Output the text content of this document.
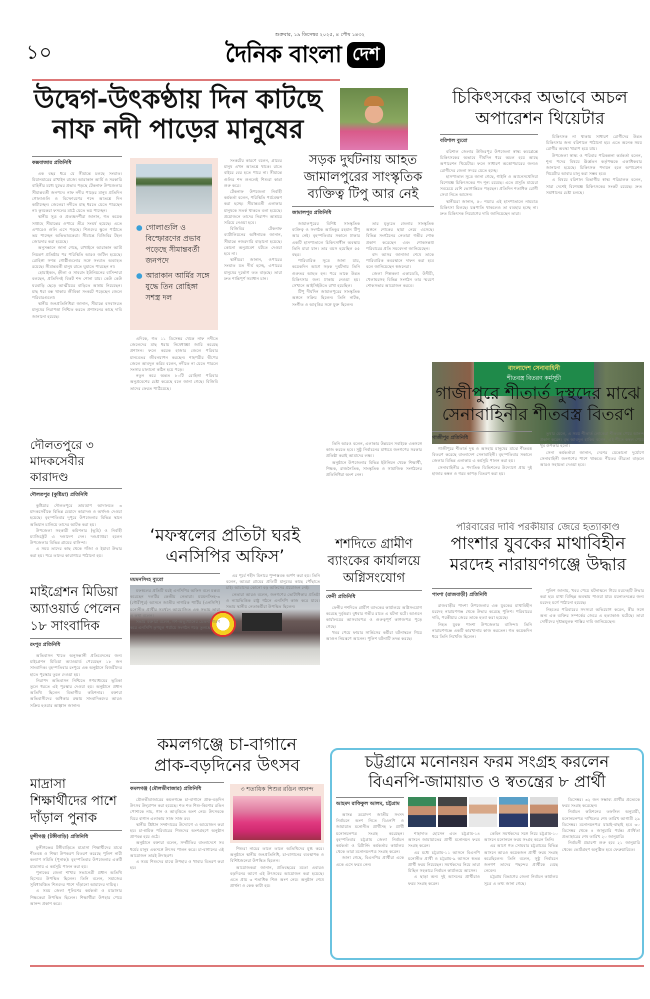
১০
শুক্রবার, ১৯ ডিসেম্বর ২০২৫, ৪ পৌষ ১৪৩২
দৈনিক বাংলা দেশ
উদ্বেগ-উৎকণ্ঠায় দিন কাটছে
নাফ নদী পাড়ের মানুষের
কক্সবাজার প্রতিনিধি

এক বছর ধরে যে সীমান্তে চলছে সংঘাত। মিয়ানমারের রাখাইন রাজ্যে আরাকান আর্মি ও সরকারি বাহিনীর মধ্যে যুদ্ধের প্রভাব পড়ছে টেকনাফ উপজেলার সীমান্তবর্তী জনপদে। নাফ নদীর পাড়ের মানুষ প্রতিদিন গোলাগুলি ও বিস্ফোরণের শব্দে আতঙ্কে দিন কাটাচ্ছেন। জেলেরা নদীতে মাছ ধরতে যেতে পারছেন না। কৃষকেরা ফসলের মাঠে যেতে ভয় পাচ্ছেন।

স্থানীয় সূত্র ও প্রত্যক্ষদর্শীরা জানান, গত কয়েক সপ্তাহে সীমান্তের ওপারে তীব্র সংঘর্ষ হয়েছে। এতে এপারেও গুলি এসে পড়ছে। শিশুদের স্কুলে পাঠাতে ভয় পাচ্ছেন অভিভাবকেরা। সীমান্তে বিজিবির টহল জোরদার করা হয়েছে।

অনুসন্ধানে জানা গেছে, রাখাইনে আরাকান আর্মি নিয়ন্ত্রণ প্রতিষ্ঠার পর পরিস্থিতি আরও জটিল হয়েছে। রোহিঙ্গা সশস্ত্র গোষ্ঠীগুলোর সঙ্গে সংঘাত অব্যাহত রয়েছে। সীমান্তবর্তী মানুষ রাতে ঘুমাতে পারছেন না।

হোয়াইক্যং, হ্নীলা ও সাবরাং ইউনিয়নের বাসিন্দারা বলছেন, প্রতিদিনই বিকট শব্দ শোনা যায়। কেউ কেউ ঘরবাড়ি ছেড়ে আত্মীয়ের বাড়িতে আশ্রয় নিয়েছেন। মাছ ধরা বন্ধ থাকায় জীবিকা সংকটে পড়েছেন জেলে পরিবারগুলো।

স্থানীয় জনপ্রতিনিধিরা জানান, সীমান্তে বসবাসরত মানুষের নিরাপত্তা নিশ্চিত করতে প্রশাসনের কাছে দাবি জানানো হয়েছে।

● গোলাগুলি ও বিস্ফোরণের প্রভাব পড়েছে সীমান্তবর্তী জনপদে
● আরাকান আর্মির সঙ্গে যুদ্ধে তিন রোহিঙ্গা সশস্ত্র দল

এদিকে, গত ১১ ডিসেম্বর থেকে নাফ নদীতে জেলেদের মাছ ধরায় নিষেধাজ্ঞা জারি করেছে প্রশাসন। ফলে কয়েক হাজার জেলে পরিবার মানবেতর জীবনযাপন করছেন। শাহপরীর দ্বীপের জেলে আবদুল করিম বলেন, নদীতে না যেতে পারলে সংসার চালানো কঠিন হয়ে পড়ে।

নতুন করে অন্তত ৮০টি রোহিঙ্গা পরিবার অনুপ্রবেশের চেষ্টা করেছে বলে জানা গেছে। বিজিবি তাদের ফেরত পাঠিয়েছে।

সংকটের কারণে বলেন, গ্রামের মানুষ এখন আতঙ্কে থাকে। রাতে বাইরে বের হতে পারে না। সীমান্তে গুলির শব্দ শুনলেই শিশুরা কান্না শুরু করে।

টেকনাফ উপজেলা নির্বাহী কর্মকর্তা বলেন, পরিস্থিতি পর্যবেক্ষণ করা হচ্ছে। সীমান্তবর্তী এলাকার মানুষকে সতর্ক থাকতে বলা হয়েছে। প্রয়োজনে তাদের নিরাপদ আশ্রয়ে সরিয়ে নেওয়া হবে।

বিজিবির টেকনাফ ব্যাটালিয়নের অধিনায়ক জানান, সীমান্তে নজরদারি বাড়ানো হয়েছে। কোনো অনুপ্রবেশ ঘটতে দেওয়া হবে না।

স্থানীয়রা জানান, ওপারের সংঘাত যত দীর্ঘ হচ্ছে, এপারের মানুষের দুর্ভোগ তত বাড়ছে। তারা দ্রুত শান্তিপূর্ণ সমাধান চান।

সড়ক দুর্ঘটনায় আহত জামালপুরের সাংস্কৃতিক ব্যক্তিত্ব টিপু আর নেই
জামালপুর প্রতিনিধি

জামালপুরের বিশিষ্ট সাংস্কৃতিক ব্যক্তিত্ব ও সংগঠক আতিকুর রহমান টিপু আর নেই। বৃহস্পতিবার সকালে ঢাকার একটি হাসপাতালে চিকিৎসাধীন অবস্থায় তিনি মারা যান। তার বয়স হয়েছিল ৫৫ বছর।

পারিবারিক সূত্রে জানা যায়, কয়েকদিন আগে সড়ক দুর্ঘটনায় তিনি গুরুতর আহত হন। পরে তাকে উন্নত চিকিৎসার জন্য ঢাকায় নেওয়া হয়। সেখানে আইসিইউতে রাখা হয়েছিল।

টিপু দীর্ঘদিন জামালপুরের সাংস্কৃতিক অঙ্গনে সক্রিয় ছিলেন। তিনি নাটক, সংগীত ও আবৃত্তির সঙ্গে যুক্ত ছিলেন।

তার মৃত্যুতে জেলার সাংস্কৃতিক অঙ্গনে শোকের ছায়া নেমে এসেছে। বিভিন্ন সংগঠনের নেতারা গভীর শোক প্রকাশ করেছেন এবং শোকসন্তপ্ত পরিবারের প্রতি সমবেদনা জানিয়েছেন।

বাদ আসর জানাজা শেষে তাকে পারিবারিক কবরস্থানে দাফন করা হবে বলে জানিয়েছেন স্বজনেরা।

জেলা শিল্পকলা একাডেমি, উদীচী, খেলাঘরসহ বিভিন্ন সংগঠন তার স্মরণে শোকসভার আয়োজন করবে।

চিকিৎসকের অভাবে অচল
অপারেশন থিয়েটার
বরিশাল ব্যুরো

বরিশাল জেলার উজিরপুর উপজেলা স্বাস্থ্য কমপ্লেক্সে চিকিৎসকের অভাবে দীর্ঘদিন ধরে অচল হয়ে আছে অপারেশন থিয়েটার। ফলে সাধারণ অস্ত্রোপচারের জন্যও রোগীদের জেলা সদরে যেতে হচ্ছে।

হাসপাতাল সূত্রে জানা গেছে, গাইনি ও অ্যানেসথেসিয়া বিশেষজ্ঞ চিকিৎসকের পদ শূন্য রয়েছে। এতে প্রসূতি মায়েরা সবচেয়ে বেশি ভোগান্তিতে পড়ছেন। প্রতিদিন শতাধিক রোগী সেবা নিতে আসেন।

স্থানীয়রা জানান, ৫০ শয্যার এই হাসপাতালে নামমাত্র চিকিৎসা মিলছে। যন্ত্রপাতি থাকলেও তা ব্যবহার হচ্ছে না। দ্রুত চিকিৎসক নিয়োগের দাবি জানিয়েছেন তারা।

চিকিৎসক না থাকায় সাধারণ রোগীদের উন্নত চিকিৎসার জন্য বরিশালে পাঠানো হয়। এতে অনেক সময় রোগীর অবস্থা খারাপ হয়ে যায়।

উপজেলা স্বাস্থ্য ও পরিবার পরিকল্পনা কর্মকর্তা বলেন, শূন্য পদের বিষয়ে ঊর্ধ্বতন কর্তৃপক্ষকে একাধিকবার জানানো হয়েছে। চিকিৎসক পদায়ন হলে অপারেশন থিয়েটার আবার চালু করা সম্ভব হবে।

এ বিষয়ে বরিশাল বিভাগীয় স্বাস্থ্য পরিচালক বলেন, সারা দেশেই বিশেষজ্ঞ চিকিৎসকের সংকট রয়েছে। দ্রুত সমাধানের চেষ্টা চলছে।

বাংলাদেশ সেনাবাহিনী
শীতবস্ত্র বিতরণ কর্মসূচী
গাজীপুরে শীতার্ত দুস্থদের মাঝে
সেনাবাহিনীর শীতবস্ত্র বিতরণ
গাজীপুর প্রতিনিধি

গাজীপুরে শীতার্ত দুস্থ ও অসহায় মানুষের মাঝে শীতবস্ত্র বিতরণ করেছে বাংলাদেশ সেনাবাহিনী। বৃহস্পতিবার সকালে জেলার বিভিন্ন এলাকায় এ কর্মসূচি পালন করা হয়।

সেনাবাহিনীর ৯ পদাতিক ডিভিশনের উদ্যোগে প্রায় দুই হাজার কম্বল ও গরম কাপড় বিতরণ করা হয়।

তুষার মেলে, এ সময় শীতার্ত লোকেরা শীতবস্ত্র পেয়ে আনন্দ প্রকাশ করেন। বৃদ্ধ আবদুল হাকিম বলেন, এই শীতে কম্বল পেয়ে খুব উপকার হলো।

সেনা কর্মকর্তারা জানান, দেশের যেকোনো দুর্যোগে সেনাবাহিনী জনগণের পাশে থাকবে। শীতের তীব্রতা বাড়লে আরও সহায়তা দেওয়া হবে।

দৌলতপুরে ৩ মাদকসেবীর কারাদণ্ড
দৌলতপুর (কুষ্টিয়া) প্রতিনিধি

কুষ্টিয়ার দৌলতপুরে ভ্রাম্যমাণ আদালতে ৩ মাদকসেবীকে বিভিন্ন মেয়াদে কারাদণ্ড ও অর্থদণ্ড দেওয়া হয়েছে। বৃহস্পতিবার দুপুরে উপজেলার বিভিন্ন স্থানে অভিযান চালিয়ে তাদের আটক করা হয়।

উপজেলা সহকারী কমিশনার (ভূমি) ও নির্বাহী ম্যাজিস্ট্রেট এ দণ্ডাদেশ দেন। দণ্ডপ্রাপ্তরা হলেন উপজেলার বিভিন্ন গ্রামের বাসিন্দা।

এ সময় তাদের কাছ থেকে গাঁজা ও ইয়াবা উদ্ধার করা হয়। পরে তাদের কারাগারে পাঠানো হয়।

‘মফস্বলের প্রতিটা ঘরই
এনসিপির অফিস’
ময়মনসিংহ ব্যুরো

মফস্বলের প্রতিটি ঘরই এনসিপির অফিস বলে মন্তব্য করেছেন দলটির কেন্দ্রীয় নেতারা। ময়মনসিংহ-৩ (গৌরীপুর) আসনে জাতীয় নাগরিক পার্টির (এনসিপি) মনোনীত প্রার্থীর সমর্থনে আয়োজিত এক সভায় তারা এ কথা বলেন।

সভায় বক্তারা বলেন, গণ-অভ্যুত্থানের চেতনা ধারণ করে এনসিপি তৃণমূল পর্যায়ে সংগঠন গড়ে তুলছে।

এর পূর্বে শহীদ মিনারে পুষ্পস্তবক অর্পণ করা হয়। তিনি বলেন, আমরা গ্রামের প্রতিটি মানুষের কাছে পৌঁছাতে চাই। আমাদের কোনো বড় অফিসের প্রয়োজন নেই।

নেতারা আরও বলেন, জনগণের ভোটাধিকার প্রতিষ্ঠা ও ন্যায়ভিত্তিক রাষ্ট্র গঠনে এনসিপি কাজ করে যাবে। সভায় স্থানীয় নেতাকর্মীরা উপস্থিত ছিলেন।

তিনি আরও বলেন, এলাকার উন্নয়নে সবাইকে একসঙ্গে কাজ করতে হবে। সুষ্ঠু নির্বাচনের মাধ্যমে জনগণের সরকার প্রতিষ্ঠা করাই আমাদের লক্ষ্য।

অনুষ্ঠানে উপজেলার বিভিন্ন ইউনিয়ন থেকে শিক্ষার্থী, শিক্ষক, রাজনৈতিক, সাংস্কৃতিক ও সামাজিক সংগঠনের প্রতিনিধিরা অংশ নেন।

শশদিতে গ্রামীণ ব্যাংকের কার্যালয়ে অগ্নিসংযোগ
ফেনী প্রতিনিধি

ফেনীর শশদিতে গ্রামীণ ব্যাংকের কার্যালয়ে অগ্নিসংযোগ করেছে দুর্বৃত্তরা। বুধবার গভীর রাতে এ ঘটনা ঘটে। আগুনে কার্যালয়ের আসবাবপত্র ও গুরুত্বপূর্ণ কাগজপত্র পুড়ে গেছে।

খবর পেয়ে ফায়ার সার্ভিসের কর্মীরা ঘটনাস্থলে গিয়ে আগুন নিয়ন্ত্রণে আনেন। পুলিশ ঘটনাটি তদন্ত করছে।

পরিবারের দাবি পরকীয়ার জেরে হত্যাকাণ্ড
পাংশার যুবকের মাথাবিহীন
মরদেহ নারায়ণগঞ্জে উদ্ধার
পাংশা (রাজবাড়ী) প্রতিনিধি

রাজবাড়ীর পাংশা উপজেলার এক যুবকের মাথাবিহীন মরদেহ নারায়ণগঞ্জ থেকে উদ্ধার করেছে পুলিশ। পরিবারের দাবি, পরকীয়ার জেরে তাকে হত্যা করা হয়েছে।

নিহত যুবক পাংশা উপজেলার বাসিন্দা। তিনি নারায়ণগঞ্জে একটি কারখানায় কাজ করতেন। গত কয়েকদিন ধরে তিনি নিখোঁজ ছিলেন।

পুলিশ জানায়, খবর পেয়ে ঘটনাস্থলে গিয়ে মরদেহটি উদ্ধার করা হয়। মাথা বিচ্ছিন্ন অবস্থায় পাওয়া যায়। ময়নাতদন্তের জন্য মরদেহ মর্গে পাঠানো হয়েছে।

নিহতের পরিবারের সদস্যরা অভিযোগ করেন, স্ত্রীর সঙ্গে অন্য এক ব্যক্তির সম্পর্কের জেরে এ হত্যাকাণ্ড ঘটেছে। তারা দোষীদের দৃষ্টান্তমূলক শাস্তির দাবি জানিয়েছেন।

মাইগ্রেশন মিডিয়া অ্যাওয়ার্ড পেলেন ১৮ সাংবাদিক
রংপুর প্রতিনিধি

অভিবাসন খাতে অনুসন্ধানী প্রতিবেদনের জন্য মাইগ্রেশন মিডিয়া অ্যাওয়ার্ড পেয়েছেন ১৮ জন সাংবাদিক। বৃহস্পতিবার রংপুরে এক অনুষ্ঠানে বিজয়ীদের হাতে পুরস্কার তুলে দেওয়া হয়।

নিরাপদ অভিবাসন নিশ্চিতে গণমাধ্যমের ভূমিকা তুলে ধরতে এই পুরস্কার দেওয়া হয়। অনুষ্ঠানে প্রধান অতিথি ছিলেন বিভাগীয় কমিশনার। বক্তারা অভিবাসীদের অধিকার রক্ষায় সাংবাদিকদের আরও সক্রিয় হওয়ার আহ্বান জানান।

মাদ্রাসা শিক্ষার্থীদের পাশে দাঁড়াল পুনাক
মুন্সীগঞ্জ (টঙ্গীবাড়ি) প্রতিনিধি

মুন্সীগঞ্জের টঙ্গীবাড়িতে মাদ্রাসা শিক্ষার্থীদের মাঝে শীতবস্ত্র ও শিক্ষা উপকরণ বিতরণ করেছে পুলিশ নারী কল্যাণ সমিতি (পুনাক)। বৃহস্পতিবার উপজেলার একটি মাদ্রাসায় এ কর্মসূচি পালন করা হয়।

পুনাকের জেলা শাখার সভানেত্রী প্রধান অতিথি হিসেবে উপস্থিত ছিলেন। তিনি বলেন, সমাজের সুবিধাবঞ্চিত শিশুদের পাশে দাঁড়ানো আমাদের দায়িত্ব।

এ সময় জেলা পুলিশের কর্মকর্তা ও মাদ্রাসার শিক্ষকেরা উপস্থিত ছিলেন। শিক্ষার্থীরা উপহার পেয়ে আনন্দ প্রকাশ করে।

কমলগঞ্জে চা-বাগানে
প্রাক-বড়দিনের উৎসব
কমলগঞ্জ (মৌলভীবাজার) প্রতিনিধি

মৌলভীবাজারের কমলগঞ্জে চা-বাগানে প্রাক-বড়দিন উৎসব উদ্‌যাপন করা হয়েছে। শত শত শিশু-কিশোর রঙিন পোশাকে নাচ, গান ও আবৃত্তিতে অংশ নেয়। উৎসবকে ঘিরে বাগান এলাকায় সাজ সাজ রব।

স্থানীয় খ্রিষ্টান সম্প্রদায়ের উদ্যোগে এ আয়োজন করা হয়। চা-শ্রমিক পরিবারের শিশুদের অংশগ্রহণে অনুষ্ঠান প্রাণবন্ত হয়ে ওঠে।

অনুষ্ঠানে বক্তারা বলেন, সম্প্রীতির বাংলাদেশে সব ধর্মের মানুষ একসঙ্গে উৎসব পালন করে। চা-বাগানের এই আয়োজন তারই উদাহরণ।

এ সময় শিশুদের মাঝে উপহার ও খাবার বিতরণ করা হয়।

৩ শতাধিক শিশুর রঙিন আনন্দ

শিশুরা নাচের তালে তালে অতিথিদের মুগ্ধ করে। অনুষ্ঠানে স্থানীয় জনপ্রতিনিধি, চা-বাগানের ব্যবস্থাপক ও বিশিষ্টজনেরা উপস্থিত ছিলেন।

আয়োজকরা জানান, প্রতিবছরের মতো এবারও বড়দিনের আগে এই উৎসবের আয়োজন করা হয়েছে। এতে প্রায় ৩ শতাধিক শিশু অংশ নেয়। অনুষ্ঠান শেষে প্রার্থনা ও কেক কাটা হয়।

চট্টগ্রামে মনোনয়ন ফরম সংগ্রহ করলেন
বিএনপি-জামায়াত ও স্বতন্ত্রের ৮ প্রার্থী
আহমদ রাফিকুল আলম, চট্টগ্রাম

আসন্ন ত্রয়োদশ জাতীয় সংসদ নির্বাচনে অংশ নিতে বিএনপি ও জামায়াত মনোনীত প্রার্থীসহ ৮ প্রার্থী মনোনয়নপত্র সংগ্রহ করেছেন। বৃহস্পতিবার চট্টগ্রাম জেলা নির্বাচন কর্মকর্তা ও রিটার্নিং কর্মকর্তার কার্যালয় থেকে তারা মনোনয়নপত্র সংগ্রহ করেন।

জানা গেছে, বিএনপির প্রার্থীরা একে একে এসে ফরম নেন।

শাহাদাত হোসেন এবং চট্টগ্রাম-১৪ আসনে জামায়াতের প্রার্থী মনোনয়ন ফরম সংগ্রহ করেন।

এর মধ্যে চট্টগ্রাম-১১ আসনে বিএনপি মনোনীত প্রার্থী ও চট্টগ্রাম-৯ আসনে স্বতন্ত্র প্রার্থী ফরম নিয়েছেন। সমর্থকদের নিয়ে তারা মিছিল সহকারে নির্বাচন কার্যালয়ে আসেন।

এ ছাড়া অন্য দুই আসনের প্রার্থীরাও ফরম সংগ্রহ করেন।

কেবিন সমর্থকদের সঙ্গে নিয়ে চট্টগ্রাম-১০ আসনে মনোনয়ন ফরম সংগ্রহ করেন তিনি।

এর আগে গত সোমবার চট্টগ্রামের বিভিন্ন আসনে আরও কয়েকজন প্রার্থী ফরম সংগ্রহ করেছিলেন। তিনি বলেন, সুষ্ঠু নির্বাচনে জনগণ তাদের পছন্দের প্রার্থীকে বেছে নেবেন।

চট্টগ্রাম বিভাগের জেলা নির্বাচন কার্যালয় সূত্রে এ তথ্য জানা গেছে।

ডিসেম্বর। ৩২ জন সম্ভাব্য প্রার্থীর প্রত্যেকে ফরম সংগ্রহ করেছেন।

নির্বাচন কমিশনের তফসিল অনুযায়ী, মনোনয়নপত্র দাখিলের শেষ তারিখ আগামী ২৯ ডিসেম্বর। মনোনয়নপত্র যাচাই-বাছাই হবে ৩০ ডিসেম্বর থেকে ৪ জানুয়ারি পর্যন্ত। প্রার্থিতা প্রত্যাহারের শেষ তারিখ ২০ জানুয়ারি।

নির্বাচনী প্রচারণা শুরু হবে ২১ জানুয়ারি থেকে। ভোটগ্রহণ অনুষ্ঠিত হবে ফেব্রুয়ারিতে।
